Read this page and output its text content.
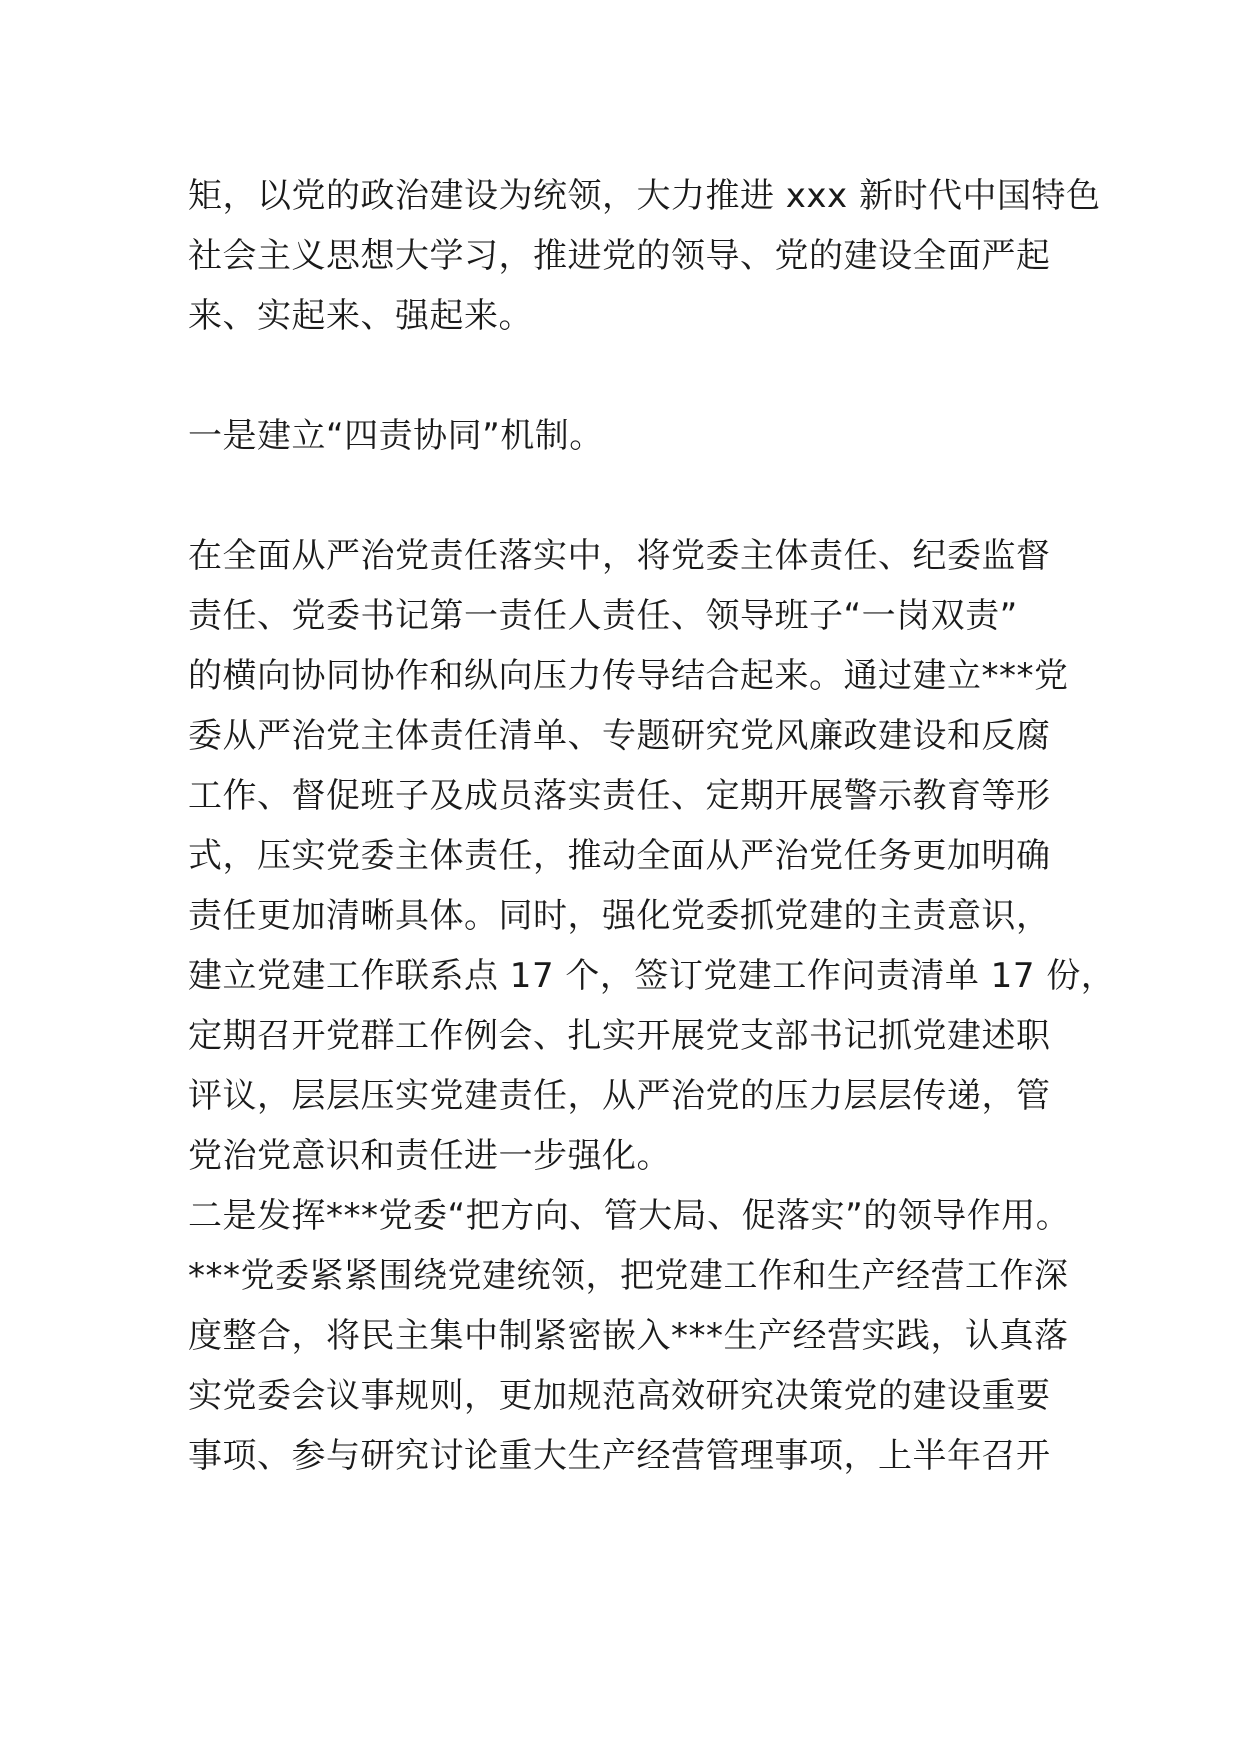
矩，以党的政治建设为统领，大力推进 xxx 新时代中国特色
社会主义思想大学习，推进党的领导、党的建设全面严起
来、实起来、强起来。
一是建立“四责协同”机制。
在全面从严治党责任落实中，将党委主体责任、纪委监督
责任、党委书记第一责任人责任、领导班子“一岗双责”
的横向协同协作和纵向压力传导结合起来。通过建立***党
委从严治党主体责任清单、专题研究党风廉政建设和反腐
工作、督促班子及成员落实责任、定期开展警示教育等形
式，压实党委主体责任，推动全面从严治党任务更加明确
责任更加清晰具体。同时，强化党委抓党建的主责意识，
建立党建工作联系点 17 个，签订党建工作问责清单 17 份，
定期召开党群工作例会、扎实开展党支部书记抓党建述职
评议，层层压实党建责任，从严治党的压力层层传递，管
党治党意识和责任进一步强化。
二是发挥***党委“把方向、管大局、促落实”的领导作用。
***党委紧紧围绕党建统领，把党建工作和生产经营工作深
度整合，将民主集中制紧密嵌入***生产经营实践，认真落
实党委会议事规则，更加规范高效研究决策党的建设重要
事项、参与研究讨论重大生产经营管理事项，上半年召开
